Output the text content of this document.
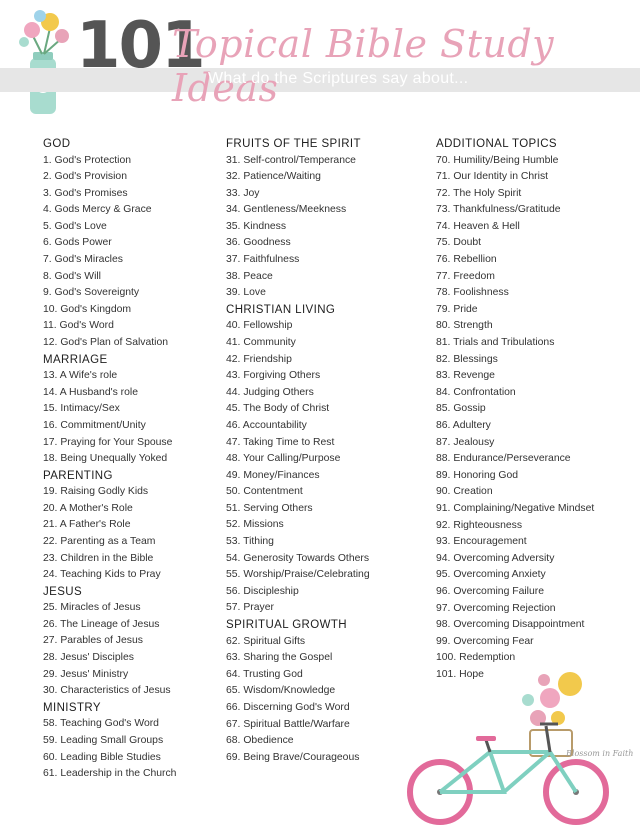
101
Topical Bible Study Ideas
What do the Scriptures say about...
GOD
1. God's Protection
2. God's Provision
3. God's Promises
4. Gods Mercy & Grace
5. God's Love
6. Gods Power
7. God's Miracles
8. God's Will
9. God's Sovereignty
10. God's Kingdom
11. God's Word
12. God's Plan of Salvation
MARRIAGE
13. A Wife's role
14. A Husband's role
15. Intimacy/Sex
16. Commitment/Unity
17. Praying for Your Spouse
18. Being Unequally Yoked
PARENTING
19. Raising Godly Kids
20. A Mother's Role
21. A Father's Role
22. Parenting as a Team
23. Children in the Bible
24. Teaching Kids to Pray
JESUS
25. Miracles of Jesus
26. The Lineage of Jesus
27. Parables of Jesus
28. Jesus' Disciples
29. Jesus' Ministry
30. Characteristics of Jesus
MINISTRY
58. Teaching God's Word
59. Leading Small Groups
60. Leading Bible Studies
61. Leadership in the Church
FRUITS OF THE SPIRIT
31. Self-control/Temperance
32. Patience/Waiting
33. Joy
34. Gentleness/Meekness
35. Kindness
36. Goodness
37. Faithfulness
38. Peace
39. Love
CHRISTIAN LIVING
40. Fellowship
41. Community
42. Friendship
43. Forgiving Others
44. Judging Others
45. The Body of Christ
46. Accountability
47. Taking Time to Rest
48. Your Calling/Purpose
49. Money/Finances
50. Contentment
51. Serving Others
52. Missions
53. Tithing
54. Generosity Towards Others
55. Worship/Praise/Celebrating
56. Discipleship
57. Prayer
SPIRITUAL GROWTH
62. Spiritual Gifts
63. Sharing the Gospel
64. Trusting God
65. Wisdom/Knowledge
66. Discerning God's Word
67. Spiritual Battle/Warfare
68. Obedience
69. Being Brave/Courageous
ADDITIONAL TOPICS
70. Humility/Being Humble
71. Our Identity in Christ
72. The Holy Spirit
73. Thankfulness/Gratitude
74. Heaven & Hell
75. Doubt
76. Rebellion
77. Freedom
78. Foolishness
79. Pride
80. Strength
81. Trials and Tribulations
82. Blessings
83. Revenge
84. Confrontation
85. Gossip
86. Adultery
87. Jealousy
88. Endurance/Perseverance
89. Honoring God
90. Creation
91. Complaining/Negative Mindset
92. Righteousness
93. Encouragement
94. Overcoming Adversity
95. Overcoming Anxiety
96. Overcoming Failure
97. Overcoming Rejection
98. Overcoming Disappointment
99. Overcoming Fear
100. Redemption
101. Hope
Blossom in Faith
